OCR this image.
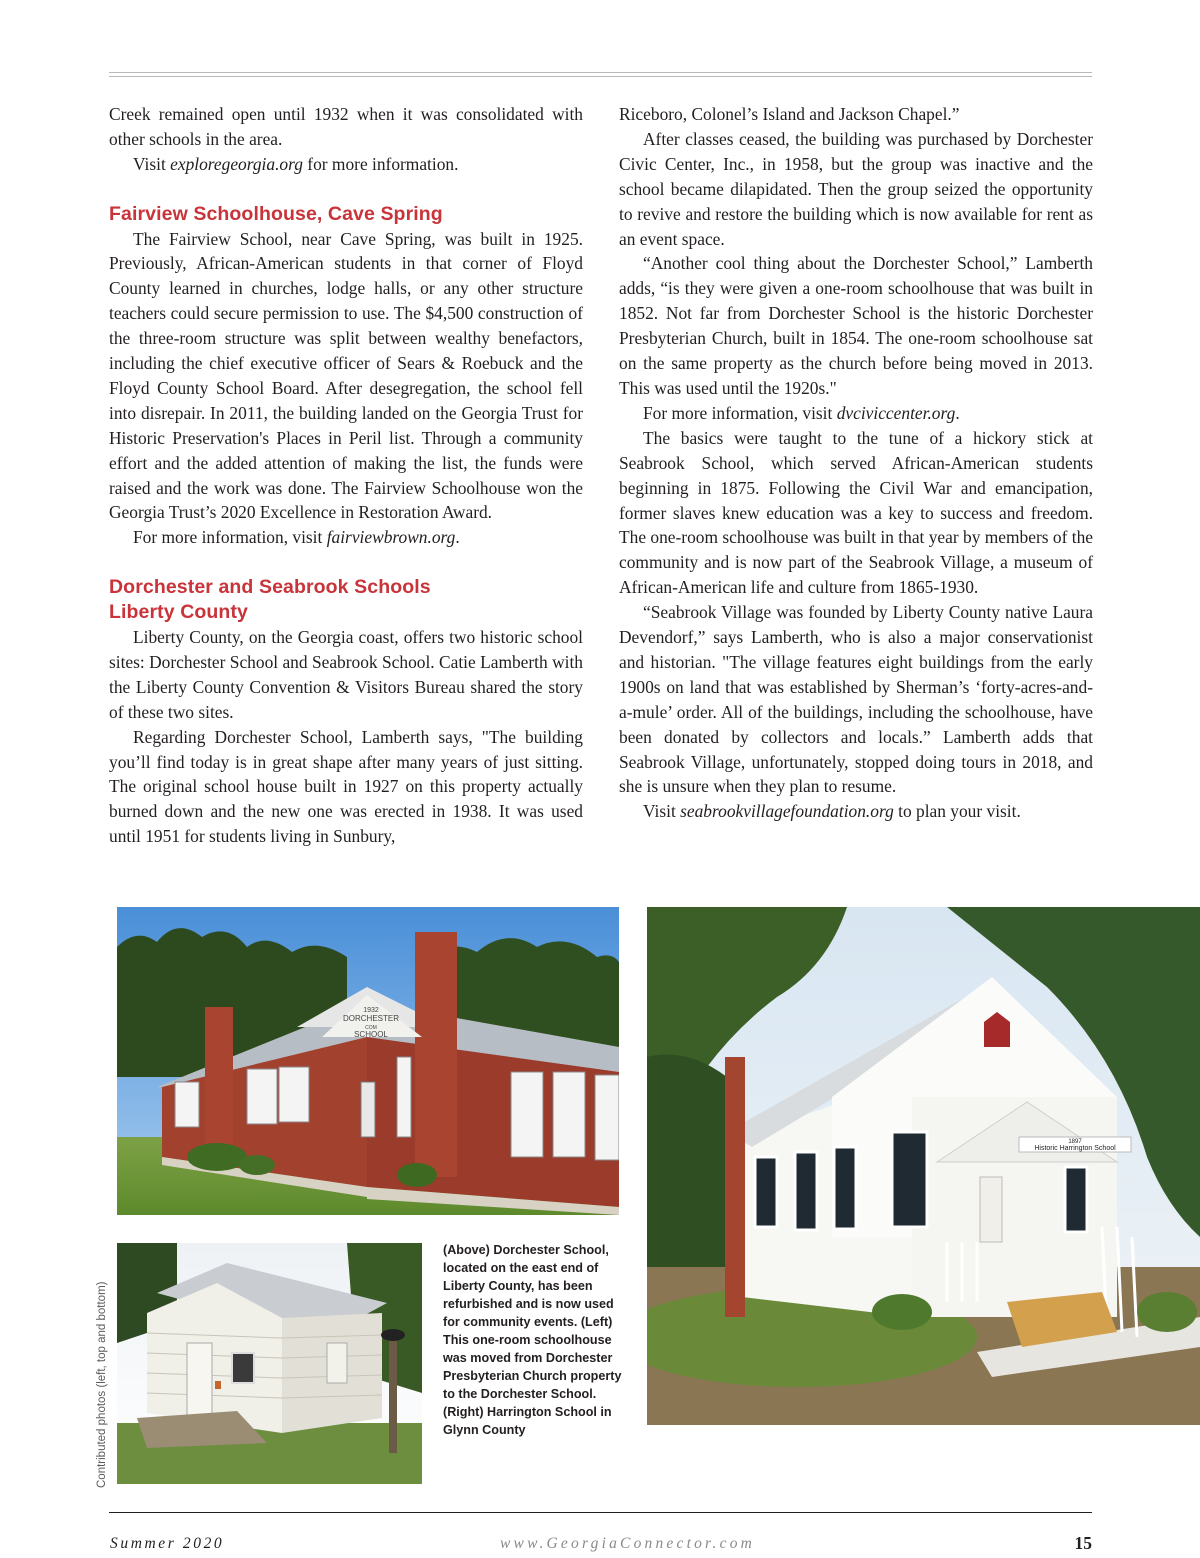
Creek remained open until 1932 when it was consolidated with other schools in the area.

Visit exploregeorgia.org for more information.

Fairview Schoolhouse, Cave Spring

The Fairview School, near Cave Spring, was built in 1925. Previously, African-American students in that corner of Floyd County learned in churches, lodge halls, or any other structure teachers could secure permission to use. The $4,500 construction of the three-room structure was split between wealthy benefactors, including the chief executive officer of Sears & Roebuck and the Floyd County School Board. After desegregation, the school fell into disrepair. In 2011, the building landed on the Georgia Trust for Historic Preservation's Places in Peril list. Through a community effort and the added attention of making the list, the funds were raised and the work was done. The Fairview Schoolhouse won the Georgia Trust’s 2020 Excellence in Restoration Award.

For more information, visit fairviewbrown.org.

Dorchester and Seabrook Schools
Liberty County

Liberty County, on the Georgia coast, offers two historic school sites: Dorchester School and Seabrook School. Catie Lamberth with the Liberty County Convention & Visitors Bureau shared the story of these two sites.

Regarding Dorchester School, Lamberth says, "The building you’ll find today is in great shape after many years of just sitting. The original school house built in 1927 on this property actually burned down and the new one was erected in 1938. It was used until 1951 for students living in Sunbury,

Riceboro, Colonel’s Island and Jackson Chapel.”

After classes ceased, the building was purchased by Dorchester Civic Center, Inc., in 1958, but the group was inactive and the school became dilapidated. Then the group seized the opportunity to revive and restore the building which is now available for rent as an event space.

“Another cool thing about the Dorchester School,” Lamberth adds, “is they were given a one-room schoolhouse that was built in 1852. Not far from Dorchester School is the historic Dorchester Presbyterian Church, built in 1854. The one-room schoolhouse sat on the same property as the church before being moved in 2013. This was used until the 1920s."

For more information, visit dvciviccenter.org.

The basics were taught to the tune of a hickory stick at Seabrook School, which served African-American students beginning in 1875. Following the Civil War and emancipation, former slaves knew education was a key to success and freedom. The one-room schoolhouse was built in that year by members of the community and is now part of the Seabrook Village, a museum of African-American life and culture from 1865-1930.

“Seabrook Village was founded by Liberty County native Laura Devendorf,” says Lamberth, who is also a major conservationist and historian. "The village features eight buildings from the early 1900s on land that was established by Sherman’s ‘forty-acres-and-a-mule’ order. All of the buildings, including the schoolhouse, have been donated by collectors and locals.” Lamberth adds that Seabrook Village, unfortunately, stopped doing tours in 2018, and she is unsure when they plan to resume.

Visit seabrookvillagefoundation.org to plan your visit.

1932
DORCHESTER
COM
SCHOOL
1897
Historic Harrington School
(Above) Dorchester School, located on the east end of Liberty County, has been refurbished and is now used for community events. (Left) This one-room schoolhouse was moved from Dorchester Presbyterian Church property to the Dorchester School. (Right) Harrington School in Glynn County
Contributed photos (left, top and bottom)
Summer 2020	www.GeorgiaConnector.com	15
